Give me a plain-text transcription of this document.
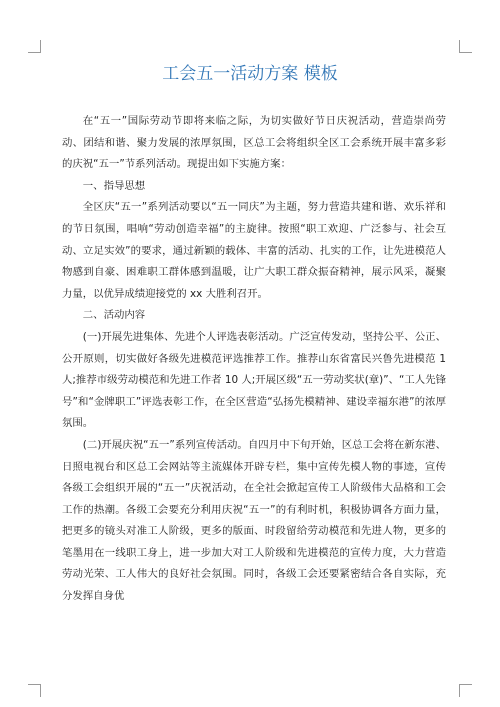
工会五一活动方案 模板

在“五一”国际劳动节即将来临之际，为切实做好节日庆祝活动，营造崇尚劳动、团结和谐、聚力发展的浓厚氛围，区总工会将组织全区工会系统开展丰富多彩的庆祝“五一”节系列活动。现提出如下实施方案：

一、指导思想

全区庆“五一”系列活动要以“五一同庆”为主题，努力营造共建和谐、欢乐祥和的节日氛围，唱响“劳动创造幸福”的主旋律。按照“职工欢迎、广泛参与、社会互动、立足实效”的要求，通过新颖的载体、丰富的活动、扎实的工作，让先进模范人物感到自豪、困难职工群体感到温暖，让广大职工群众振奋精神，展示风采，凝聚力量，以优异成绩迎接党的 xx 大胜利召开。

二、活动内容

(一)开展先进集体、先进个人评选表彰活动。广泛宣传发动，坚持公平、公正、公开原则，切实做好各级先进模范评选推荐工作。推荐山东省富民兴鲁先进模范 1 人;推荐市级劳动模范和先进工作者 10 人;开展区级“五一劳动奖状(章)”、“工人先锋号”和“金牌职工”评选表彰工作，在全区营造“弘扬先模精神、建设幸福东港”的浓厚氛围。

(二)开展庆祝“五一”系列宣传活动。自四月中下旬开始，区总工会将在新东港、日照电视台和区总工会网站等主流媒体开辟专栏，集中宣传先模人物的事迹，宣传各级工会组织开展的“五一”庆祝活动，在全社会掀起宣传工人阶级伟大品格和工会工作的热潮。各级工会要充分利用庆祝“五一”的有利时机，积极协调各方面力量，把更多的镜头对准工人阶级，更多的版面、时段留给劳动模范和先进人物，更多的笔墨用在一线职工身上，进一步加大对工人阶级和先进模范的宣传力度，大力营造劳动光荣、工人伟大的良好社会氛围。同时，各级工会还要紧密结合各自实际，充分发挥自身优
